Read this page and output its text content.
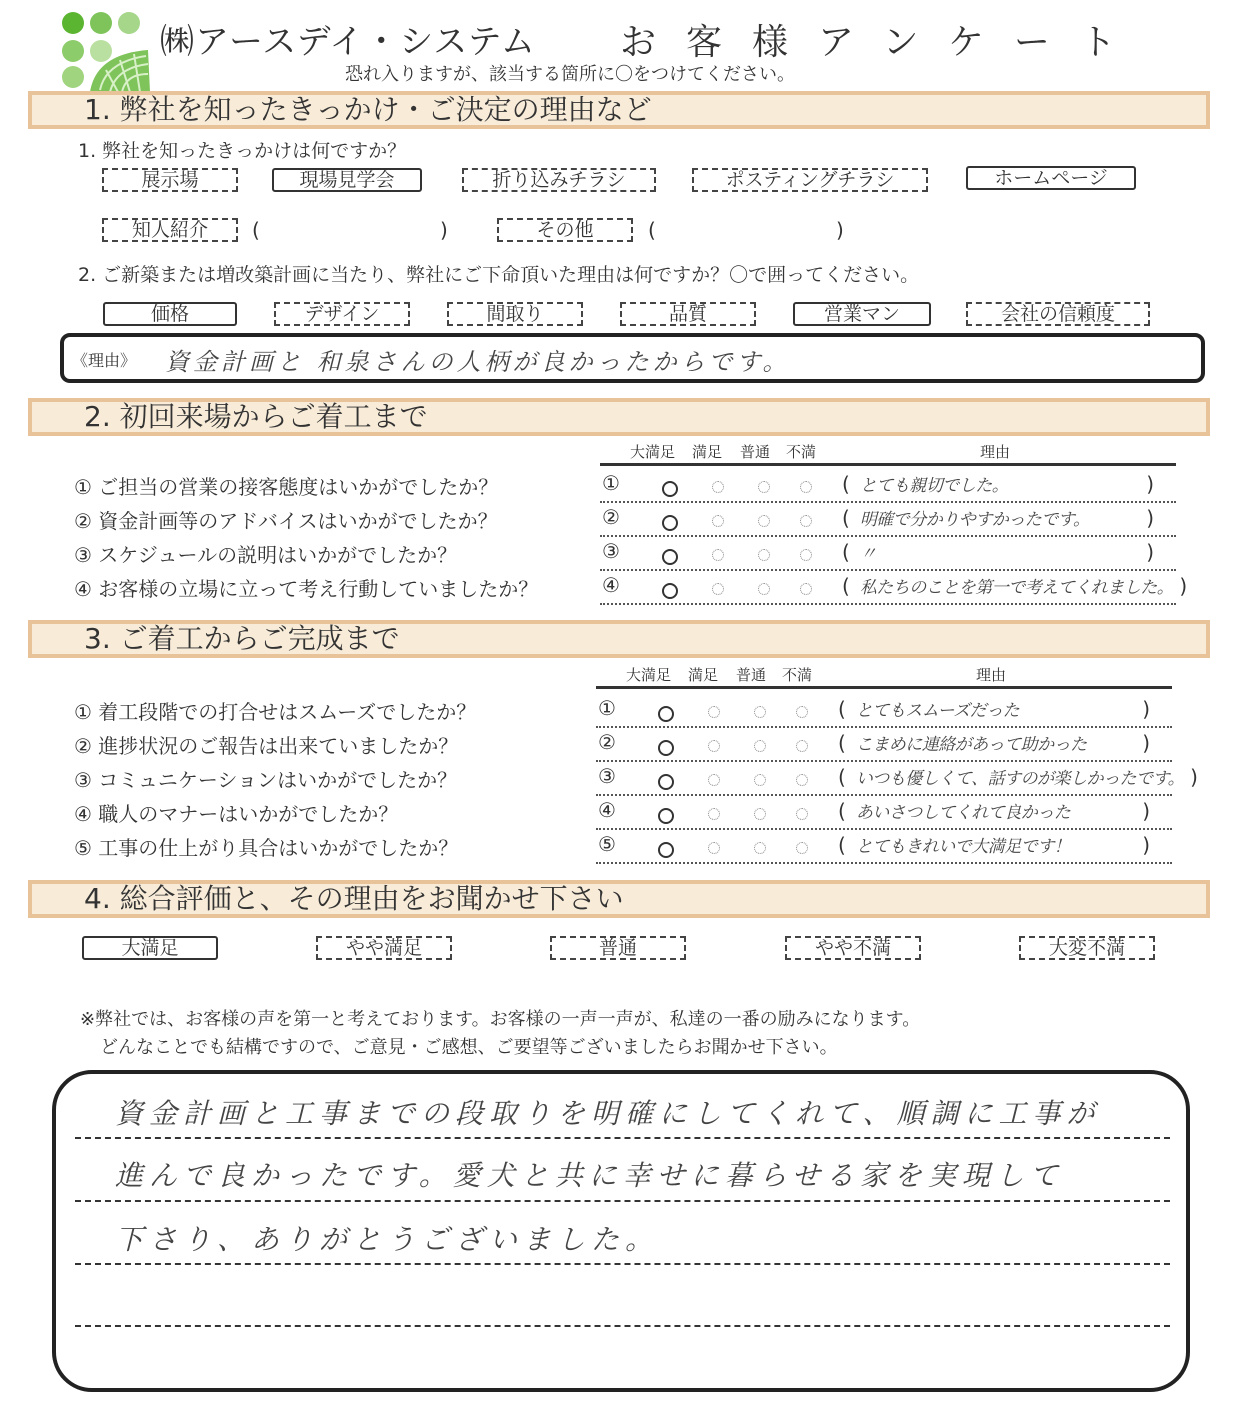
㈱アースデイ・システム お客様アンケート
恐れ入りますが、該当する箇所に〇をつけてください。
1. 弊社を知ったきっかけ・ご決定の理由など
1. 弊社を知ったきっかけは何ですか？
展示場	現場見学会	折り込みチラシ	ポスティングチラシ	ホームページ
知人紹介	(	)	その他	(	)
2. ご新築または増改築計画に当たり、弊社にご下命頂いた理由は何ですか？〇で囲ってください。
価格	デザイン	間取り	品質	営業マン	会社の信頼度
《理由》 資金計画と 和泉さんの人柄が良かったからです。
2. 初回来場からご着工まで
大満足 満足 普通 不満	理由
① ご担当の営業の接客態度はいかがでしたか？	①	( とても親切でした。	)
② 資金計画等のアドバイスはいかがでしたか？	②	( 明確で分かりやすかったです。	)
③ スケジュールの説明はいかがでしたか？	③	( 〃	)
④ お客様の立場に立って考え行動していましたか？	④	( 私たちのことを第一で考えてくれました。 )
3. ご着工からご完成まで
大満足 満足 普通 不満	理由
① 着工段階での打合せはスムーズでしたか？	①	( とてもスムーズだった	)
② 進捗状況のご報告は出来ていましたか？	②	( こまめに連絡があって助かった	)
③ コミュニケーションはいかがでしたか？	③	( いつも優しくて、話すのが楽しかったです。 )
④ 職人のマナーはいかがでしたか？	④	( あいさつしてくれて良かった	)
⑤ 工事の仕上がり具合はいかがでしたか？	⑤	( とてもきれいで大満足です！	)
4. 総合評価と、その理由をお聞かせ下さい
大満足	やや満足	普通	やや不満	大変不満
※弊社では、お客様の声を第一と考えております。お客様の一声一声が、私達の一番の励みになります。
どんなことでも結構ですので、ご意見・ご感想、ご要望等ございましたらお聞かせ下さい。
資金計画と工事までの段取りを明確にしてくれて、順調に工事が
進んで良かったです。愛犬と共に幸せに暮らせる家を実現して
下さり、ありがとうございました。
